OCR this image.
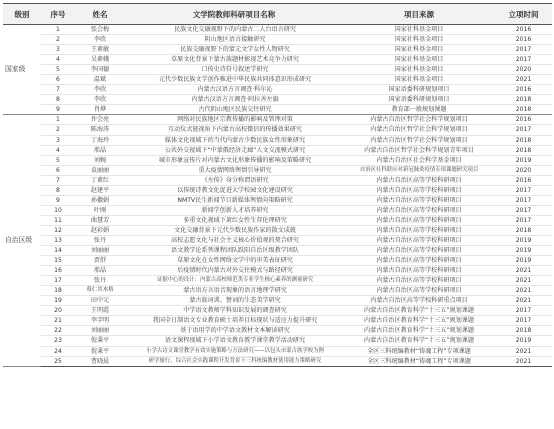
级别	序号	姓名	文学院教师科研项目名称	项目来源	立项时间
国家级	1	张会梅	民族文化交融视野下的内蒙古二人台语言研究	国家社科基金项目	2016
	2	李欣	阴山地区语言接触研究	国家社科基金项目	2016
	3	王素敏	民族交融视野下的蒙元文学女性人物研究	国家社科基金项目	2017
	4	吴素娥	草原文化背景下蒙古族题材影视艺术竞争力研究	国家社科基金项目	2017
	5	李国德	口传史诗符号叙述学研究	国家社科基金项目	2020
	6	温斌	元代少数民族文学创作推进中华民族共同体意识形成研究	国家社科基金项目	2021
	7	李欣	内蒙古汉语方言调查·科尔沁	国家语委科研规划项目	2016
	8	李欣	内蒙古汉语方言调查·阿拉善左旗	国家语委科研规划项目	2018
	9	肖烨	古代阴山地区民族交往研究	教育部一般规划课题	2018
自治区级	1	许会亮	网络对民族地区宗教传播的影响及管理对策	内蒙古自治区哲学社会科学规划项目	2016
	2	陈海涛	互动仪式链视角下内蒙古高校微信的传播效果研究	内蒙古自治区哲学社会科学规划项目	2017
	3	丁海玲	媒体文化视域下的当代内蒙古少数民族女性形象研究	内蒙古自治区哲学社会科学规划项目	2018
	4	邢晶	公共外交视域下“中蒙俄经济走廊”人文交流模式研究	内蒙古自治区哲学社会科学规划青年项目	2018
	5	刘婉	城市形象宣传片对内蒙古文化形象传播的影响及策略研究	内蒙古自治区社会科学基金项目	2019
	6	袁丽丽	重大疫情网络舆情引导研究	自治区社科联应对新冠肺炎疫情专项课题研究项目	2020
	7	丁素红	《左传》身分称谓语研究	内蒙古自治区高等学校科研项目	2016
	8	赵建平	以传统诗教文化促进大学校园文化建设研究	内蒙古自治区高等学校科研项目	2017
	9	孙徽娟	NMTV民生新闻节目新媒体舆情向策略研究	内蒙古自治区高等学校科研项目	2017
	10	叶刚	新闻学创新人才培养研究	内蒙古自治区高等学校科研项目	2017
	11	曲慧芳	多重文化视域下萧红女性生存伦理研究	内蒙古自治区高等学校科研项目	2017
	12	赵彩娟	文化交融背景下元代少数民族作家的散文成就	内蒙古自治区高等学校科研项目	2018
	13	张丹	高校志愿文化与社会主义核心价值观的契合研究	内蒙古自治区高等学校科研项目	2019
	14	刘丽丽	语文教学论系列课程团队跃阳自治区级教学团队	内蒙古自治区高等学校科研项目	2019
	15	贾舒	草原文化在女性网络文学中的审美表征研究	内蒙古自治区高等学校科研项目	2019
	16	邢晶	后疫情时代内蒙古对外交往模式与路径研究	内蒙古自治区高等学校科研项目	2021
	17	张丹	证据中心的设计：内蒙古高校师范类专业学生核心素养的测量研究	内蒙古自治区高等学校科研项目	2021
	18	蔡仁其木格	蒙古语方言语音现象的语言地理学研究	内蒙古自治区高等学校科研项目	2021
	19	田中元	蒙古族诃训、赞词的生态美学研究	内蒙古自治区高等学校科研重点项目	2021
	20	王明霞	中学语文教师学科知识发展的调查研究	内蒙古自治区教育科学“十三五”规划课题	2017
	21	李字明	我国全日制语文专业教育硕士培养目标现状与适应力提升研究	内蒙古自治区教育科学“十三五”规划课题	2017
	22	刘丽丽	基于语用学的中学语文教材文本解读研究	内蒙古自治区教育科学“十三五”规划课题	2018
	23	倪秉平	语文课程视域下小学语文教育教学课堂教学活动研究	内蒙古自治区教育科学“十三五”规划课题	2019
	24	倪秉平	小学古诗文课堂教学有效实施策略与方法研究——以包头市蒙古族学校为例	全区三科统编教材“铸魂工程”专项课题	2021
	25	曹晓晨	研学旅行、综合社会实践课程开发背景下三科统编教材使用能力策略研究	全区三科统编教材“铸魂工程”专项课题	2021
